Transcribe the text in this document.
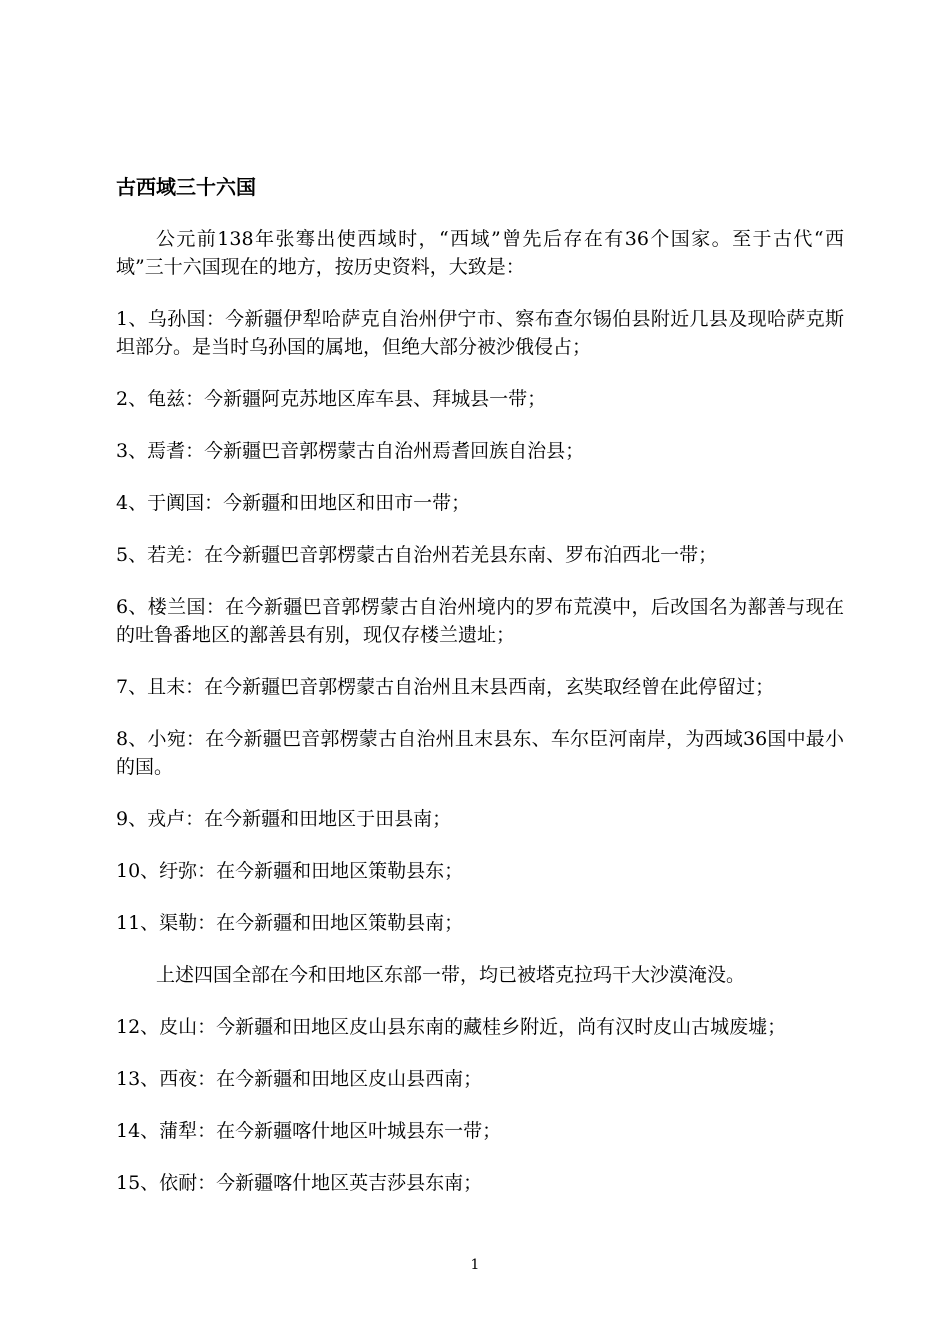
古西域三十六国

公元前138年张骞出使西域时，“西域”曾先后存在有36个国家。至于古代“西域”三十六国现在的地方，按历史资料，大致是：

1、乌孙国：今新疆伊犁哈萨克自治州伊宁市、察布查尔锡伯县附近几县及现哈萨克斯坦部分。是当时乌孙国的属地，但绝大部分被沙俄侵占；

2、龟兹：今新疆阿克苏地区库车县、拜城县一带；

3、焉耆：今新疆巴音郭楞蒙古自治州焉耆回族自治县；

4、于阗国：今新疆和田地区和田市一带；

5、若羌：在今新疆巴音郭楞蒙古自治州若羌县东南、罗布泊西北一带；

6、楼兰国：在今新疆巴音郭楞蒙古自治州境内的罗布荒漠中，后改国名为鄯善与现在的吐鲁番地区的鄯善县有别，现仅存楼兰遗址；

7、且末：在今新疆巴音郭楞蒙古自治州且末县西南，玄奘取经曾在此停留过；

8、小宛：在今新疆巴音郭楞蒙古自治州且末县东、车尔臣河南岸，为西域36国中最小的国。

9、戎卢：在今新疆和田地区于田县南；

10、纡弥：在今新疆和田地区策勒县东；

11、渠勒：在今新疆和田地区策勒县南；

上述四国全部在今和田地区东部一带，均已被塔克拉玛干大沙漠淹没。

12、皮山：今新疆和田地区皮山县东南的藏桂乡附近，尚有汉时皮山古城废墟；

13、西夜：在今新疆和田地区皮山县西南；

14、蒲犁：在今新疆喀什地区叶城县东一带；

15、依耐：今新疆喀什地区英吉莎县东南；

1
